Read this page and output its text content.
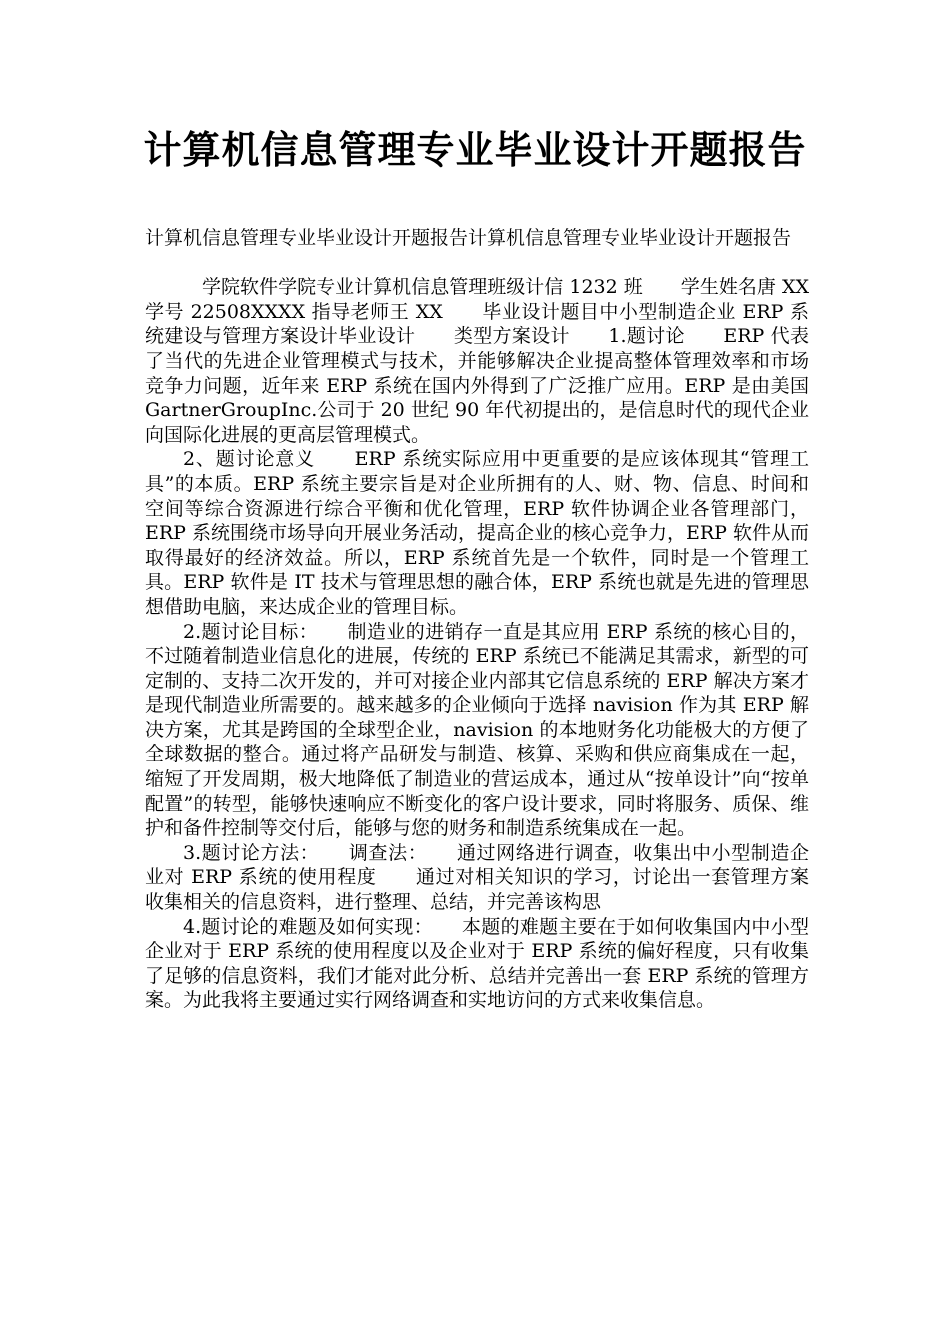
计算机信息管理专业毕业设计开题报告

计算机信息管理专业毕业设计开题报告计算机信息管理专业毕业设计开题报告

学院软件学院专业计算机信息管理班级计信 1232 班　　学生姓名唐 XX 学号 22508XXXX 指导老师王 XX　　毕业设计题目中小型制造企业 ERP 系统建设与管理方案设计毕业设计　　类型方案设计　　1.题讨论　　ERP 代表了当代的先进企业管理模式与技术，并能够解决企业提高整体管理效率和市场竞争力问题，近年来 ERP 系统在国内外得到了广泛推广应用。ERP 是由美国 GartnerGroupInc.公司于 20 世纪 90 年代初提出的，是信息时代的现代企业向国际化进展的更高层管理模式。

2、题讨论意义　　ERP 系统实际应用中更重要的是应该体现其“管理工具”的本质。ERP 系统主要宗旨是对企业所拥有的人、财、物、信息、时间和空间等综合资源进行综合平衡和优化管理，ERP 软件协调企业各管理部门，ERP 系统围绕市场导向开展业务活动，提高企业的核心竞争力，ERP 软件从而取得最好的经济效益。所以，ERP 系统首先是一个软件，同时是一个管理工具。ERP 软件是 IT 技术与管理思想的融合体，ERP 系统也就是先进的管理思想借助电脑，来达成企业的管理目标。

2.题讨论目标：　　制造业的进销存一直是其应用 ERP 系统的核心目的，不过随着制造业信息化的进展，传统的 ERP 系统已不能满足其需求，新型的可定制的、支持二次开发的，并可对接企业内部其它信息系统的 ERP 解决方案才是现代制造业所需要的。越来越多的企业倾向于选择 navision 作为其 ERP 解决方案，尤其是跨国的全球型企业，navision 的本地财务化功能极大的方便了全球数据的整合。通过将产品研发与制造、核算、采购和供应商集成在一起，缩短了开发周期，极大地降低了制造业的营运成本，通过从“按单设计”向“按单配置”的转型，能够快速响应不断变化的客户设计要求，同时将服务、质保、维护和备件控制等交付后，能够与您的财务和制造系统集成在一起。

3.题讨论方法：　　调查法：　　通过网络进行调查，收集出中小型制造企业对 ERP 系统的使用程度　　通过对相关知识的学习，讨论出一套管理方案　　收集相关的信息资料，进行整理、总结，并完善该构思

4.题讨论的难题及如何实现：　　本题的难题主要在于如何收集国内中小型企业对于 ERP 系统的使用程度以及企业对于 ERP 系统的偏好程度，只有收集了足够的信息资料，我们才能对此分析、总结并完善出一套 ERP 系统的管理方案。为此我将主要通过实行网络调查和实地访问的方式来收集信息。
